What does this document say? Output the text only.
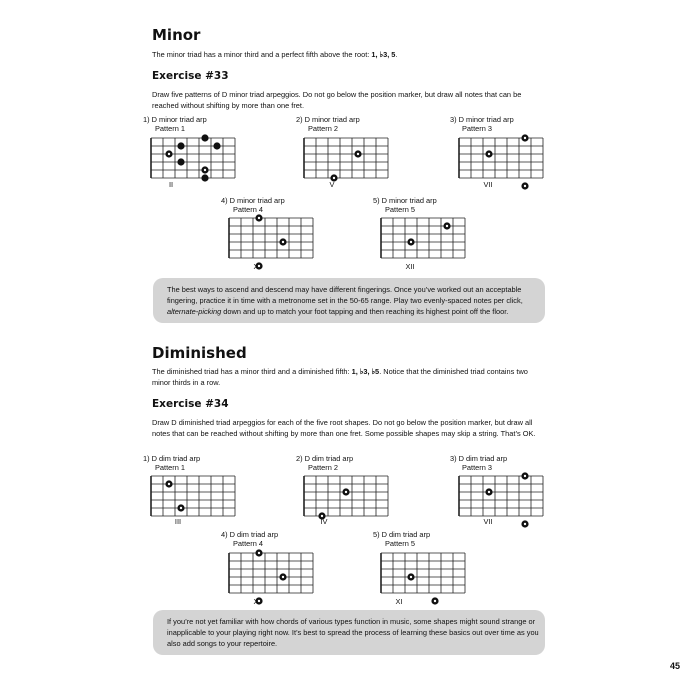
Minor
The minor triad has a minor third and a perfect fifth above the root: 1, ♭3, 5.
Exercise #33
Draw five patterns of D minor triad arpeggios. Do not go below the position marker, but draw all notes that can be reached without shifting by more than one fret.
1) D minor triad arp
Pattern 1
II
2) D minor triad arp
Pattern 2
V
3) D minor triad arp
Pattern 3
VII
4) D minor triad arp
Pattern 4
X
5) D minor triad arp
Pattern 5
XII
The best ways to ascend and descend may have different fingerings. Once you’ve worked out an acceptable fingering, practice it in time with a metronome set in the 50-65 range. Play two evenly-spaced notes per click, alternate-picking down and up to match your foot tapping and then reaching its highest point off the floor.
Diminished
The diminished triad has a minor third and a diminished fifth: 1, ♭3, ♭5. Notice that the diminished triad contains two minor thirds in a row.
Exercise #34
Draw D diminished triad arpeggios for each of the five root shapes. Do not go below the position marker, but draw all notes that can be reached without shifting by more than one fret. Some possible shapes may skip a string. That’s OK.
1) D dim triad arp
Pattern 1
III
2) D dim triad arp
Pattern 2
IV
3) D dim triad arp
Pattern 3
VII
4) D dim triad arp
Pattern 4
X
5) D dim triad arp
Pattern 5
XI
If you’re not yet familiar with how chords of various types function in music, some shapes might sound strange or inapplicable to your playing right now. It’s best to spread the process of learning these basics out over time as you also add songs to your repertoire.
45
